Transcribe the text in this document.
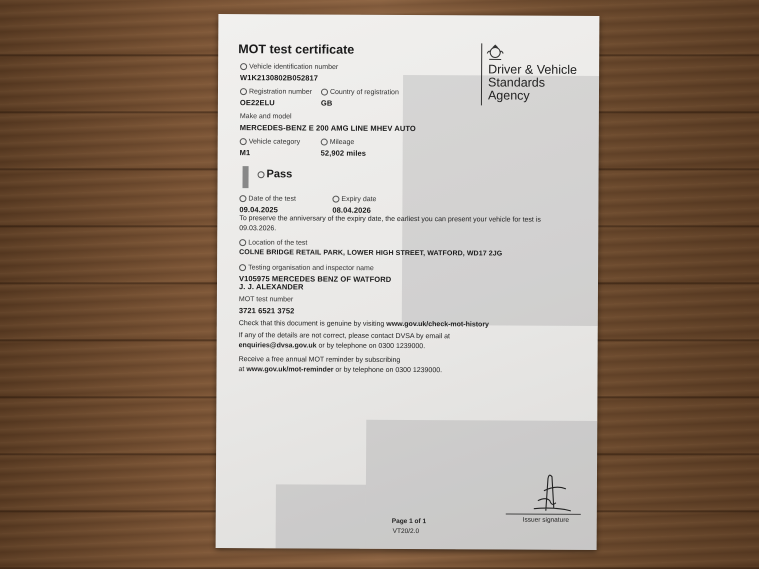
MOT test certificate
Driver & Vehicle
Standards
Agency
Vehicle identification number
W1K2130802B052817
Registration number
OE22ELU
Country of registration
GB
Make and model
MERCEDES-BENZ E 200 AMG LINE MHEV AUTO
Vehicle category
M1
Mileage
52,902 miles
Pass
Date of the test
09.04.2025
Expiry date
08.04.2026
To preserve the anniversary of the expiry date, the earliest you can present your vehicle for test is
09.03.2026.
Location of the test
COLNE BRIDGE RETAIL PARK, LOWER HIGH STREET, WATFORD, WD17 2JG
Testing organisation and inspector name
V105975 MERCEDES BENZ OF WATFORD
J. J. ALEXANDER
MOT test number
3721 6521 3752
Check that this document is genuine by visiting www.gov.uk/check-mot-history
If any of the details are not correct, please contact DVSA by email at
enquiries@dvsa.gov.uk or by telephone on 0300 1239000.
Receive a free annual MOT reminder by subscribing
at www.gov.uk/mot-reminder or by telephone on 0300 1239000.
Issuer signature
Page 1 of 1
VT20/2.0
